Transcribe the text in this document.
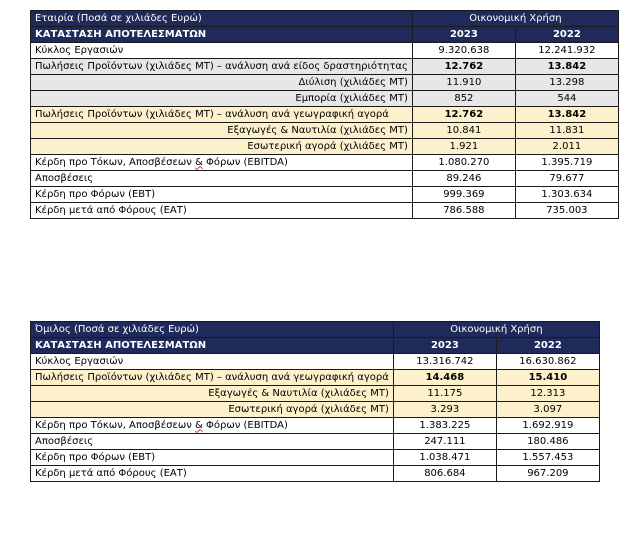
Εταιρία (Ποσά σε χιλιάδες Ευρώ)	Οικονομική Χρήση	
ΚΑΤΑΣΤΑΣΗ ΑΠΟΤΕΛΕΣΜΑΤΩΝ	2023	2022
Κύκλος Εργασιών	9.320.638	12.241.932
Πωλήσεις Προϊόντων (χιλιάδες ΜΤ) – ανάλυση ανά είδος δραστηριότητας	12.762	13.842
Διύλιση (χιλιάδες ΜΤ)	11.910	13.298
Εμπορία (χιλιάδες ΜΤ)	852	544
Πωλήσεις Προϊόντων (χιλιάδες ΜΤ) – ανάλυση ανά γεωγραφική αγορά	12.762	13.842
Εξαγωγές & Ναυτιλία (χιλιάδες ΜΤ)	10.841	11.831
Εσωτερική αγορά (χιλιάδες ΜΤ)	1.921	2.011
Κέρδη προ Τόκων, Αποσβέσεων & Φόρων (EBITDA)	1.080.270	1.395.719
Αποσβέσεις	89.246	79.677
Κέρδη προ Φόρων (ΕΒΤ)	999.369	1.303.634
Κέρδη μετά από Φόρους (ΕΑΤ)	786.588	735.003
Όμιλος (Ποσά σε χιλιάδες Ευρώ)	Οικονομική Χρήση	
ΚΑΤΑΣΤΑΣΗ ΑΠΟΤΕΛΕΣΜΑΤΩΝ	2023	2022
Κύκλος Εργασιών	13.316.742	16.630.862
Πωλήσεις Προϊόντων (χιλιάδες ΜΤ) – ανάλυση ανά γεωγραφική αγορά	14.468	15.410
Εξαγωγές & Ναυτιλία (χιλιάδες ΜΤ)	11.175	12.313
Εσωτερική αγορά (χιλιάδες ΜΤ)	3.293	3.097
Κέρδη προ Τόκων, Αποσβέσεων & Φόρων (EBITDA)	1.383.225	1.692.919
Αποσβέσεις	247.111	180.486
Κέρδη προ Φόρων (ΕΒΤ)	1.038.471	1.557.453
Κέρδη μετά από Φόρους (ΕΑΤ)	806.684	967.209
